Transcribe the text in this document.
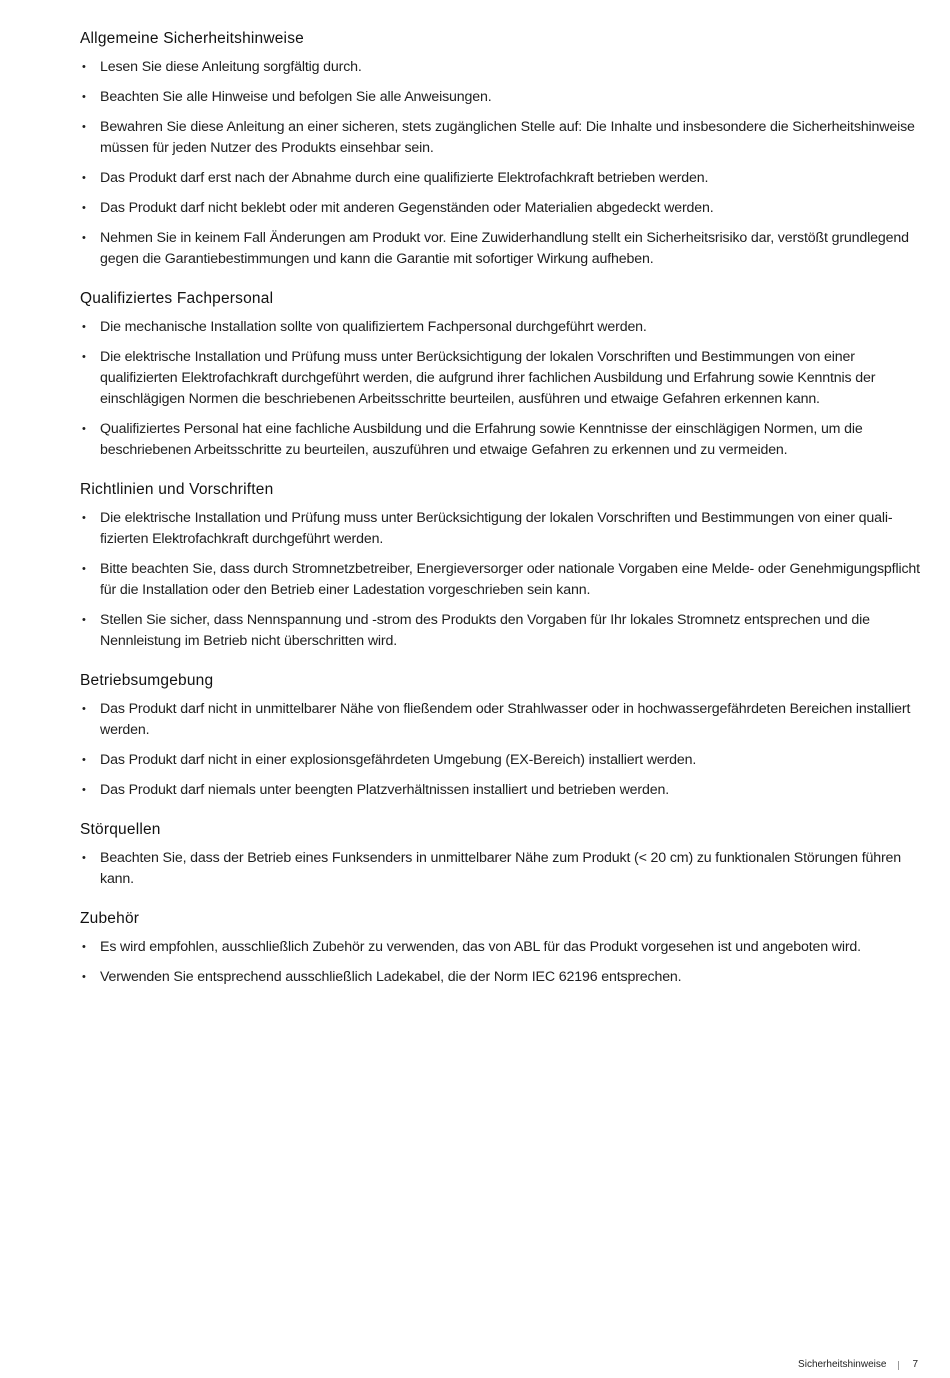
Allgemeine Sicherheitshinweise
• Lesen Sie diese Anleitung sorgfältig durch.
• Beachten Sie alle Hinweise und befolgen Sie alle Anweisungen.
• Bewahren Sie diese Anleitung an einer sicheren, stets zugänglichen Stelle auf: Die Inhalte und insbesondere die Sicherheitshinweise müssen für jeden Nutzer des Produkts einsehbar sein.
• Das Produkt darf erst nach der Abnahme durch eine qualifizierte Elektrofachkraft betrieben werden.
• Das Produkt darf nicht beklebt oder mit anderen Gegenständen oder Materialien abgedeckt werden.
• Nehmen Sie in keinem Fall Änderungen am Produkt vor. Eine Zuwiderhandlung stellt ein Sicherheitsrisiko dar, verstößt grundlegend gegen die Garantiebestimmungen und kann die Garantie mit sofortiger Wirkung aufheben.
Qualifiziertes Fachpersonal
• Die mechanische Installation sollte von qualifiziertem Fachpersonal durchgeführt werden.
• Die elektrische Installation und Prüfung muss unter Berücksichtigung der lokalen Vorschriften und Bestimmungen von einer qualifizierten Elektrofachkraft durchgeführt werden, die aufgrund ihrer fachlichen Ausbildung und Erfahrung sowie Kenntnis der einschlägigen Normen die beschriebenen Arbeitsschritte beurteilen, ausführen und etwaige Gefahren erkennen kann.
• Qualifiziertes Personal hat eine fachliche Ausbildung und die Erfahrung sowie Kenntnisse der einschlägigen Normen, um die beschriebenen Arbeitsschritte zu beurteilen, auszuführen und etwaige Gefahren zu erkennen und zu vermeiden.
Richtlinien und Vorschriften
• Die elektrische Installation und Prüfung muss unter Berücksichtigung der lokalen Vorschriften und Bestimmungen von einer qualifizierten Elektrofachkraft durchgeführt werden.
• Bitte beachten Sie, dass durch Stromnetzbetreiber, Energieversorger oder nationale Vorgaben eine Melde- oder Genehmigungspflicht für die Installation oder den Betrieb einer Ladestation vorgeschrieben sein kann.
• Stellen Sie sicher, dass Nennspannung und -strom des Produkts den Vorgaben für Ihr lokales Stromnetz entsprechen und die Nennleistung im Betrieb nicht überschritten wird.
Betriebsumgebung
• Das Produkt darf nicht in unmittelbarer Nähe von fließendem oder Strahlwasser oder in hochwassergefährdeten Bereichen installiert werden.
• Das Produkt darf nicht in einer explosionsgefährdeten Umgebung (EX-Bereich) installiert werden.
• Das Produkt darf niemals unter beengten Platzverhältnissen installiert und betrieben werden.
Störquellen
• Beachten Sie, dass der Betrieb eines Funksenders in unmittelbarer Nähe zum Produkt (< 20 cm) zu funktionalen Störungen führen kann.
Zubehör
• Es wird empfohlen, ausschließlich Zubehör zu verwenden, das von ABL für das Produkt vorgesehen ist und angeboten wird.
• Verwenden Sie entsprechend ausschließlich Ladekabel, die der Norm IEC 62196 entsprechen.
Sicherheitshinweise	7
